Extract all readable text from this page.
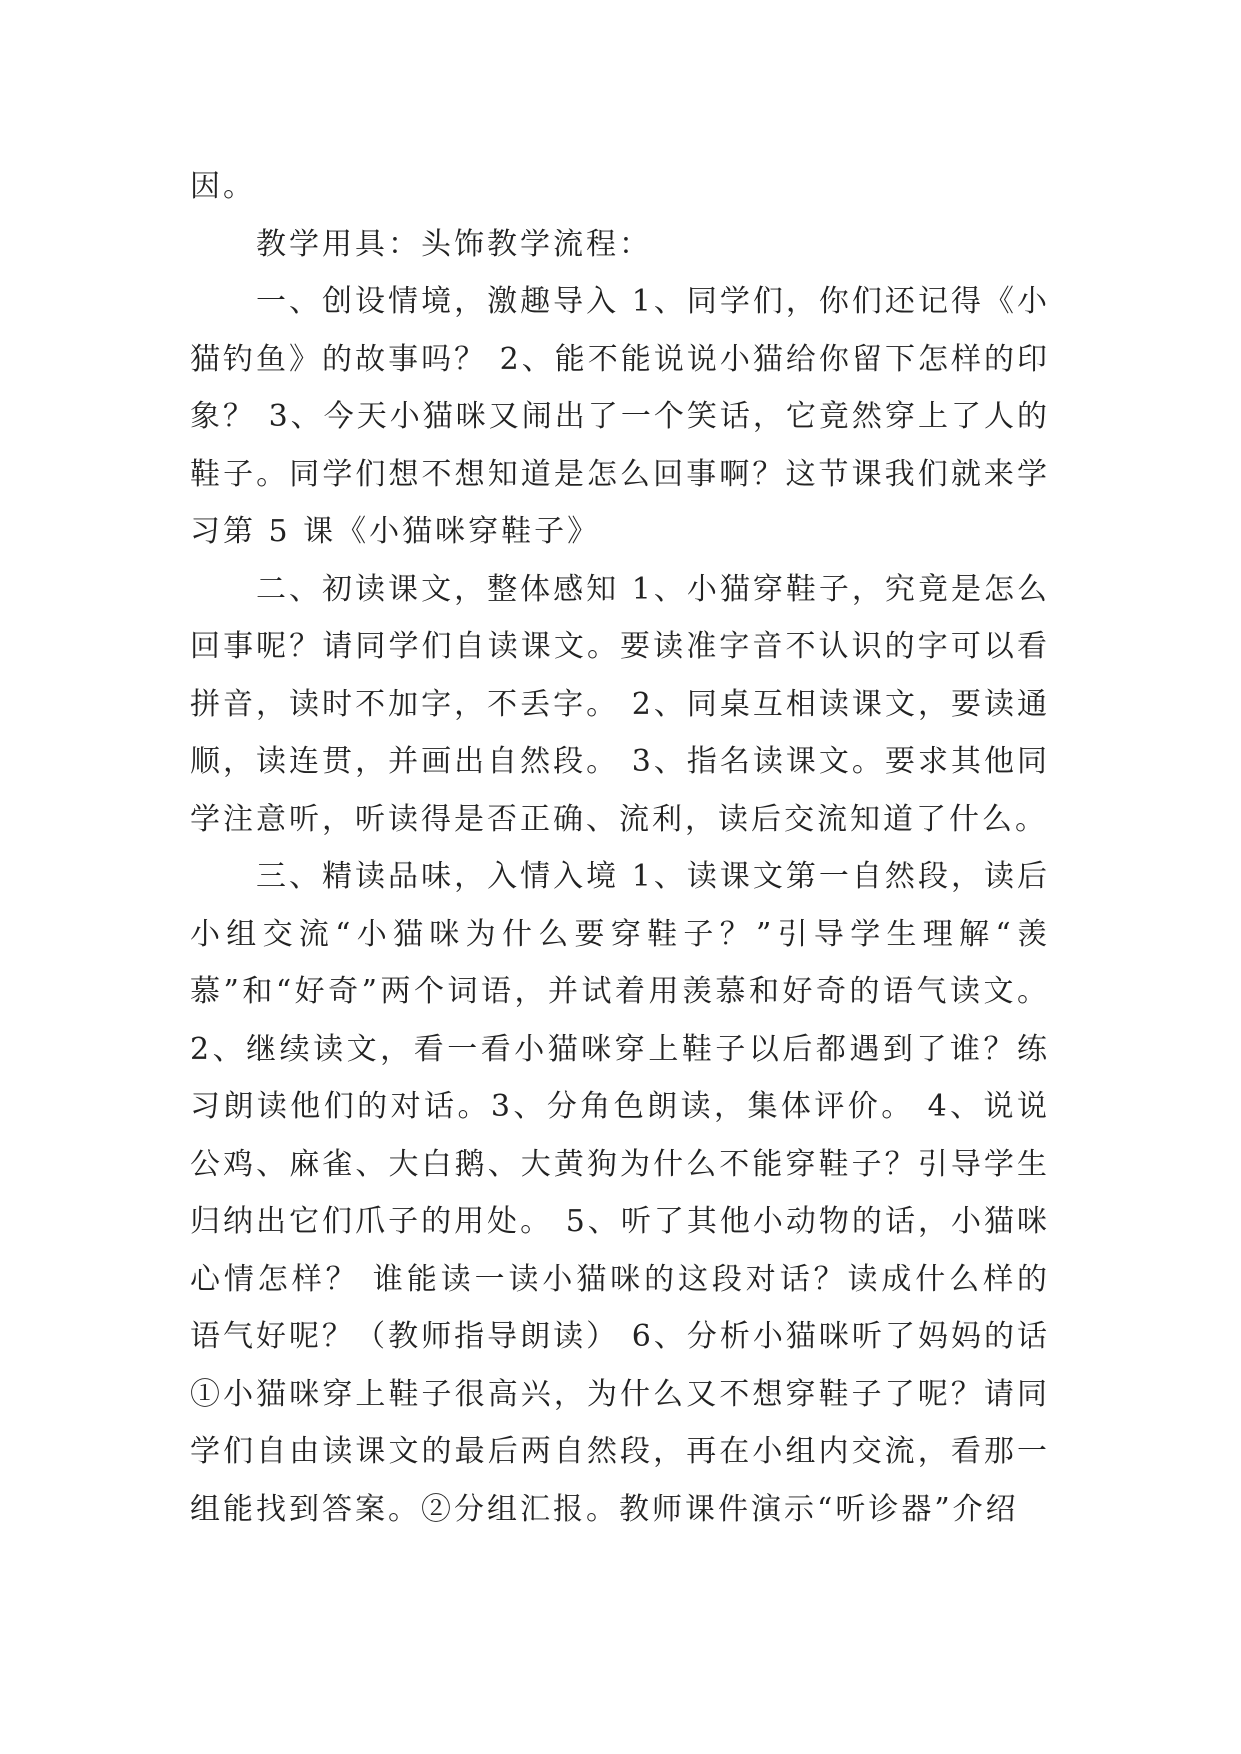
因。

教学用具：头饰教学流程：

一、创设情境，激趣导入 1、同学们，你们还记得《小猫钓鱼》的故事吗？ 2、能不能说说小猫给你留下怎样的印象？ 3、今天小猫咪又闹出了一个笑话，它竟然穿上了人的鞋子。同学们想不想知道是怎么回事啊？这节课我们就来学习第 5 课《小猫咪穿鞋子》

二、初读课文，整体感知 1、小猫穿鞋子，究竟是怎么回事呢？请同学们自读课文。要读准字音不认识的字可以看拼音，读时不加字，不丢字。 2、同桌互相读课文，要读通顺，读连贯，并画出自然段。 3、指名读课文。要求其他同学注意听，听读得是否正确、流利，读后交流知道了什么。

三、精读品味，入情入境 1、读课文第一自然段，读后小组交流“小猫咪为什么要穿鞋子？”引导学生理解“羡慕”和“好奇”两个词语，并试着用羡慕和好奇的语气读文。 2、继续读文，看一看小猫咪穿上鞋子以后都遇到了谁？练习朗读他们的对话。3、分角色朗读，集体评价。 4、说说公鸡、麻雀、大白鹅、大黄狗为什么不能穿鞋子？引导学生归纳出它们爪子的用处。 5、听了其他小动物的话，小猫咪心情怎样？ 谁能读一读小猫咪的这段对话？读成什么样的语气好呢？（教师指导朗读） 6、分析小猫咪听了妈妈的话①小猫咪穿上鞋子很高兴，为什么又不想穿鞋子了呢？请同学们自由读课文的最后两自然段，再在小组内交流，看那一组能找到答案。②分组汇报。教师课件演示“听诊器”介绍
